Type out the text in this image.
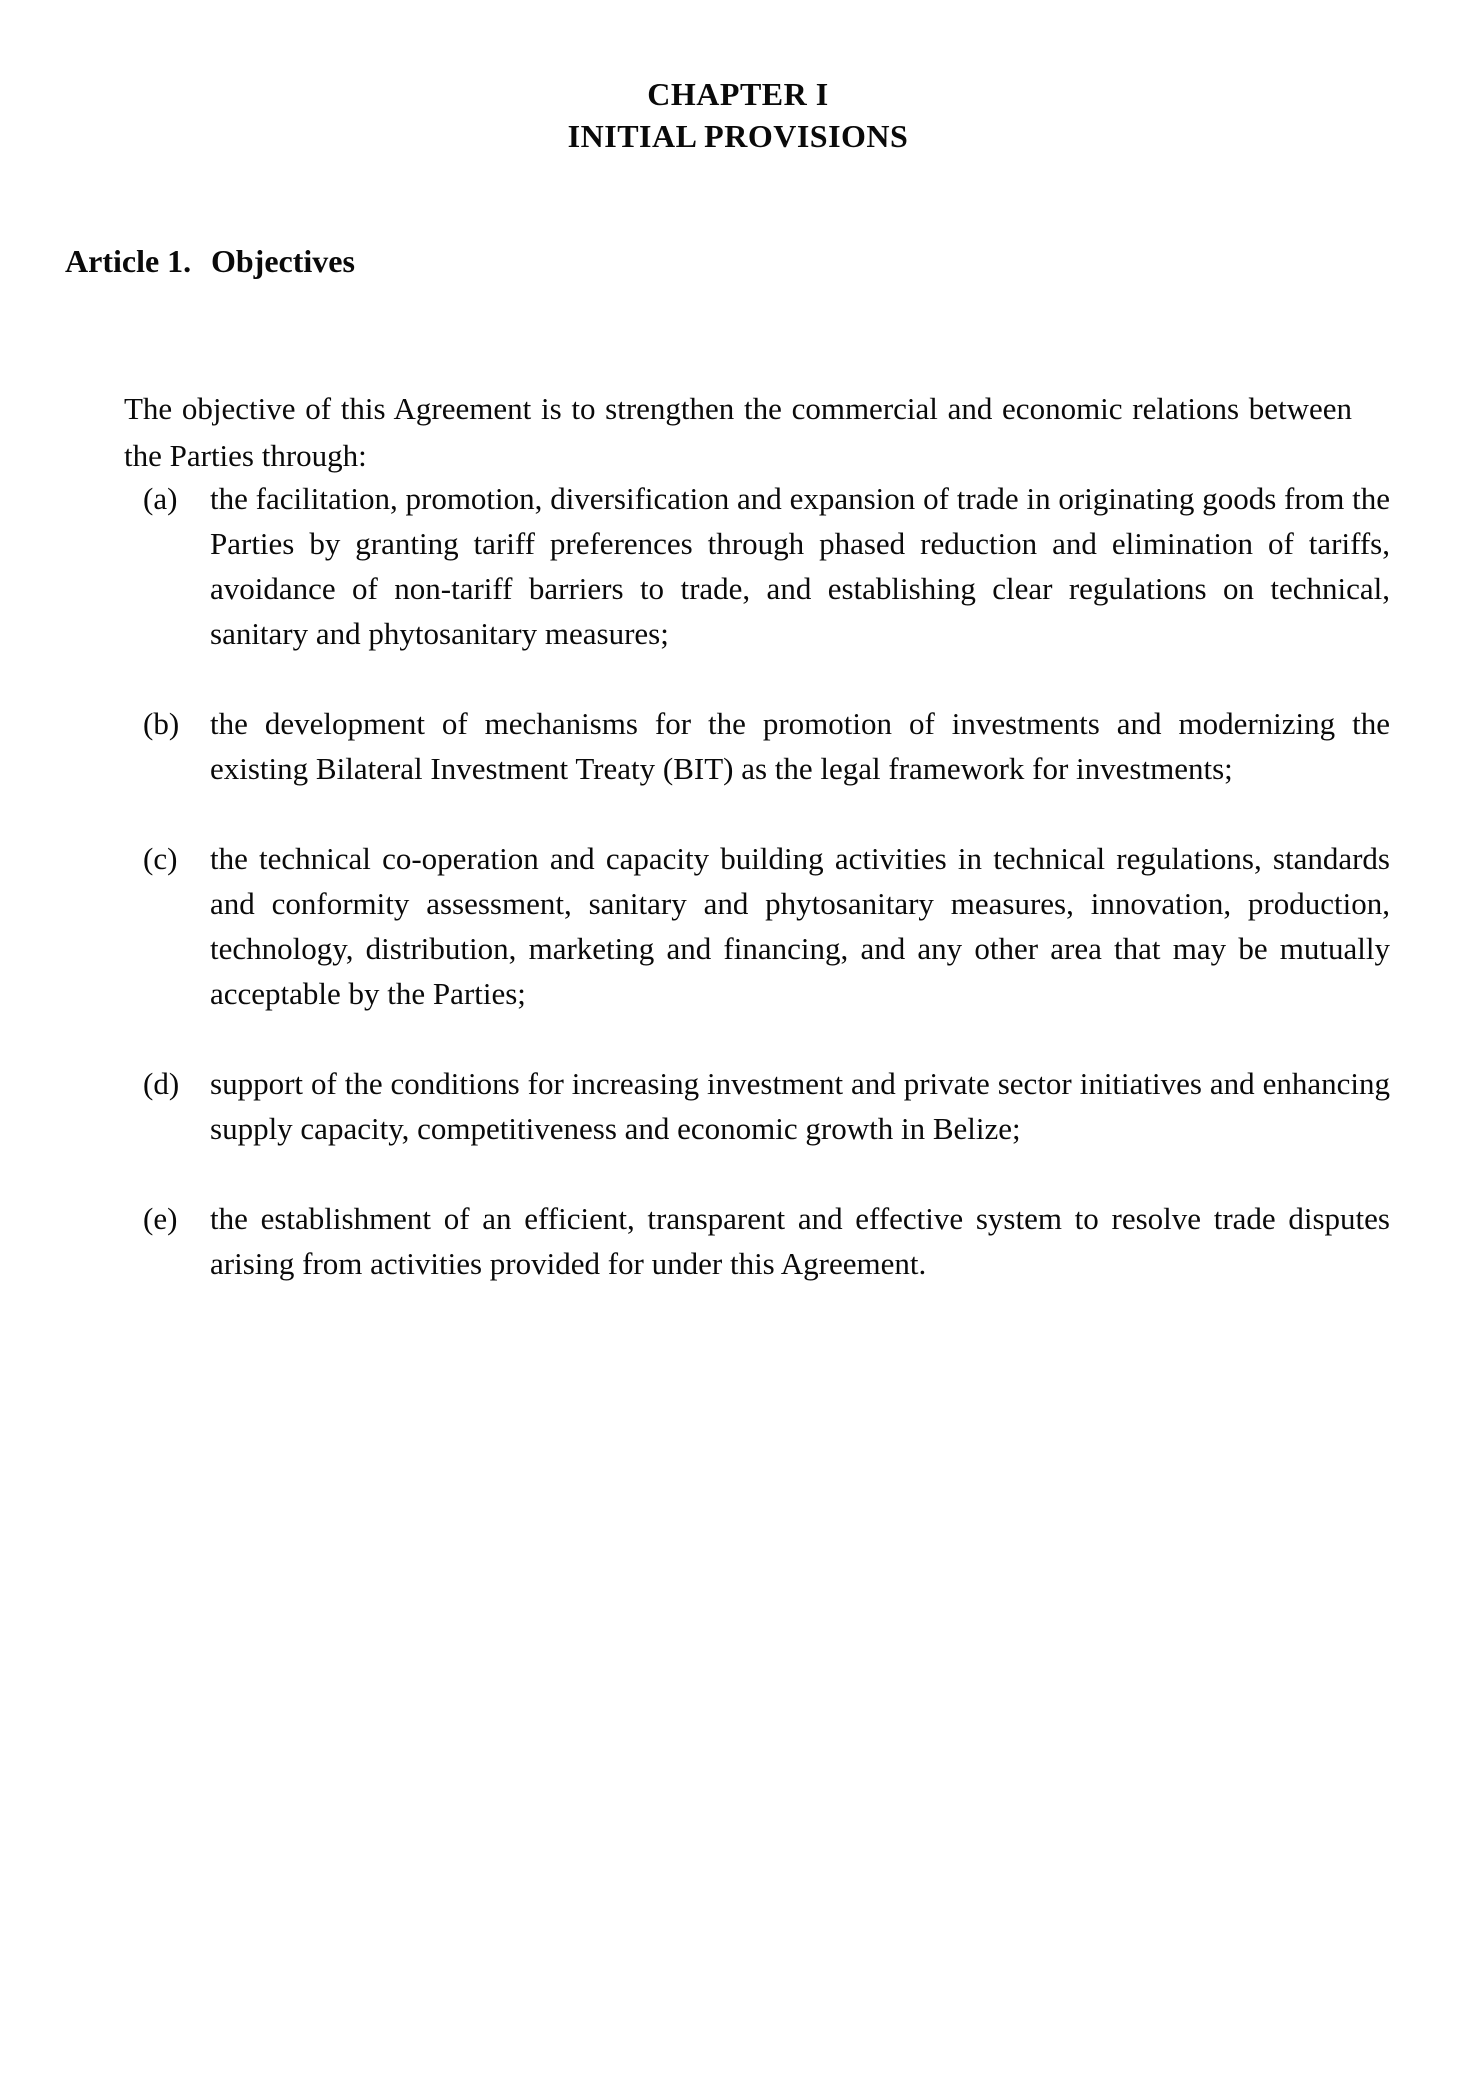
CHAPTER I
INITIAL PROVISIONS
Article 1. Objectives

The objective of this Agreement is to strengthen the commercial and economic relations between the Parties through:

(a)	the facilitation, promotion, diversification and expansion of trade in originating goods from the Parties by granting tariff preferences through phased reduction and elimination of tariffs, avoidance of non-tariff barriers to trade, and establishing clear regulations on technical, sanitary and phytosanitary measures;
(b) the development of mechanisms for the promotion of investments and modernizing the existing Bilateral Investment Treaty (BIT) as the legal framework for investments;
(c)	the technical co-operation and capacity building activities in technical regulations, standards and conformity assessment, sanitary and phytosanitary measures, innovation, production, technology, distribution, marketing and financing, and any other area that may be mutually acceptable by the Parties;
(d) support of the conditions for increasing investment and private sector initiatives and enhancing supply capacity, competitiveness and economic growth in Belize;
(e)	the establishment of an efficient, transparent and effective system to resolve trade disputes arising from activities provided for under this Agreement.
